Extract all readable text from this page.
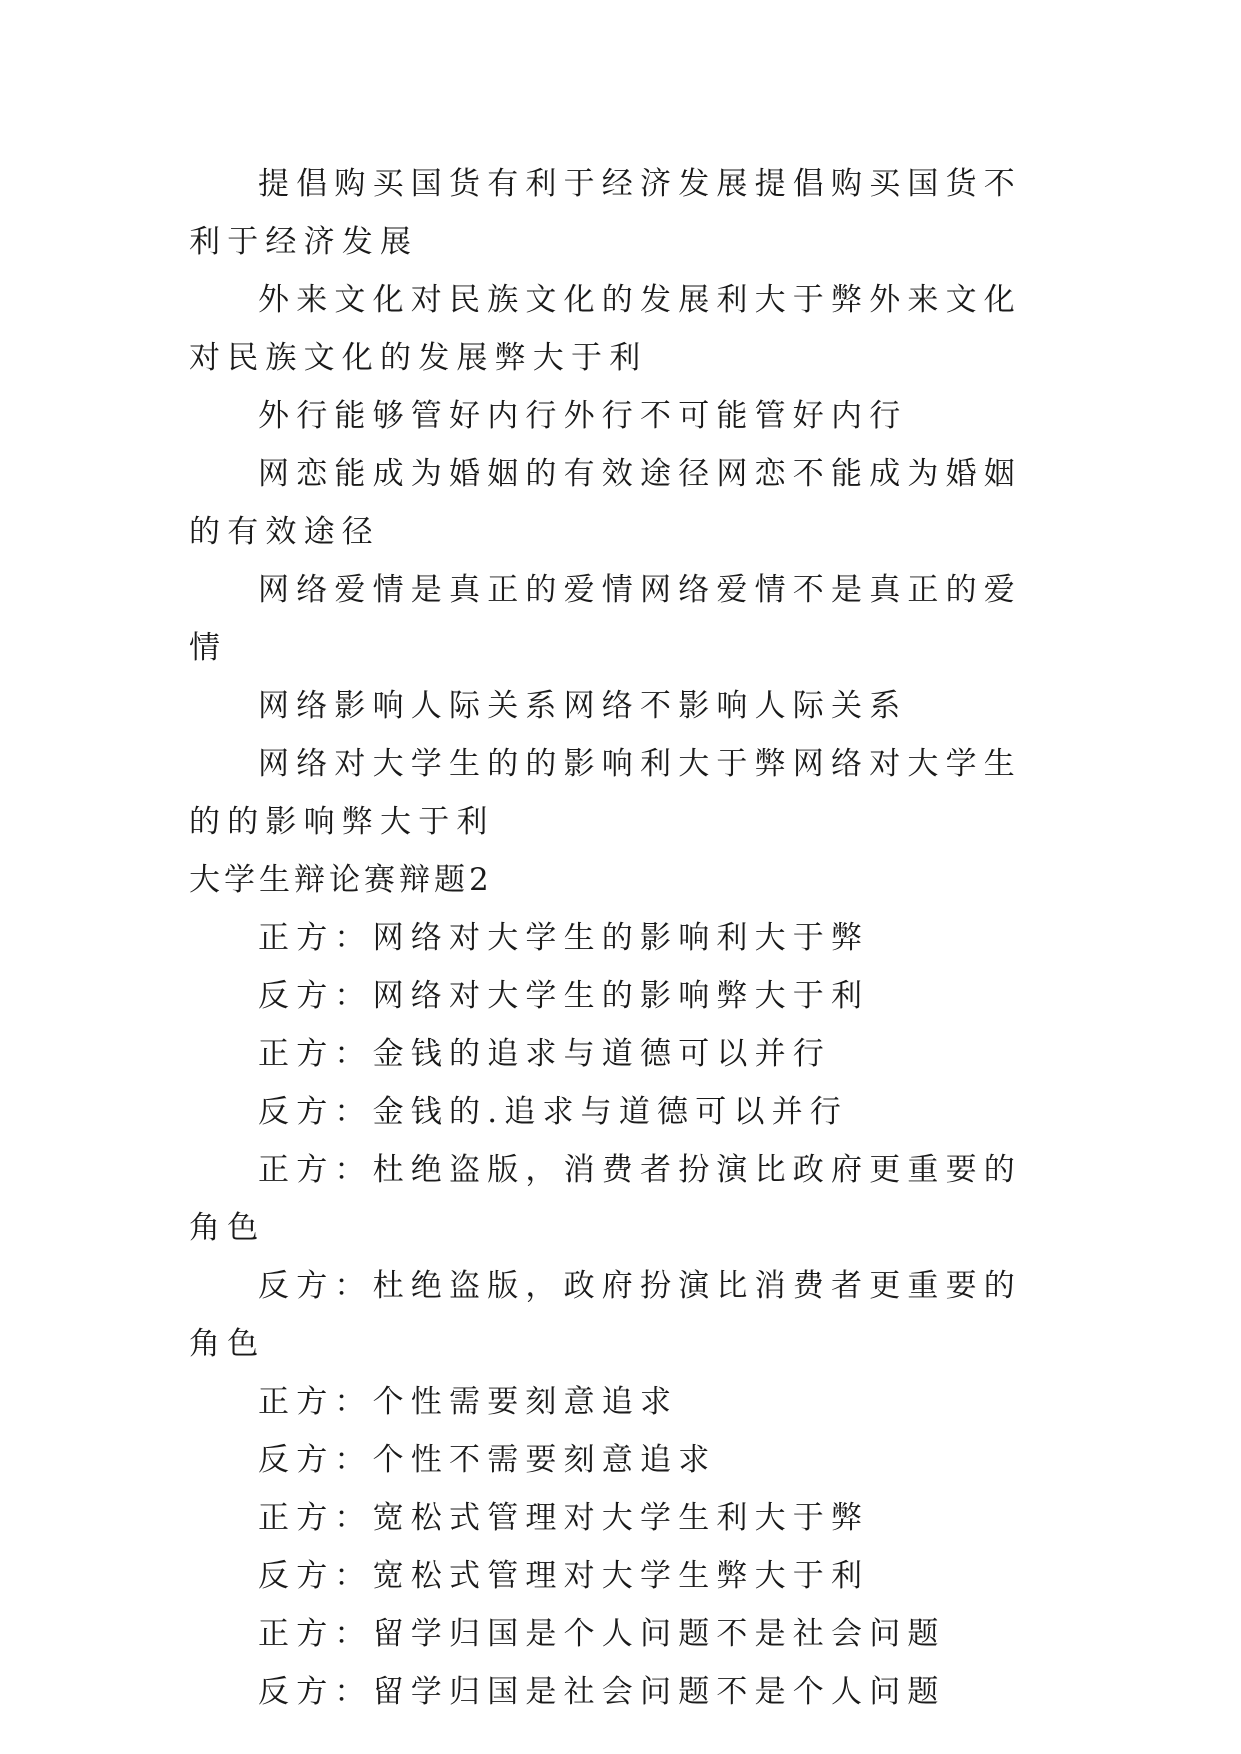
提倡购买国货有利于经济发展提倡购买国货不利于经济发展

外来文化对民族文化的发展利大于弊外来文化对民族文化的发展弊大于利

外行能够管好内行外行不可能管好内行

网恋能成为婚姻的有效途径网恋不能成为婚姻的有效途径

网络爱情是真正的爱情网络爱情不是真正的爱情

网络影响人际关系网络不影响人际关系

网络对大学生的的影响利大于弊网络对大学生的的影响弊大于利

大学生辩论赛辩题2

正方：网络对大学生的影响利大于弊

反方：网络对大学生的影响弊大于利

正方：金钱的追求与道德可以并行

反方：金钱的.追求与道德可以并行

正方：杜绝盗版，消费者扮演比政府更重要的角色

反方：杜绝盗版，政府扮演比消费者更重要的角色

正方：个性需要刻意追求

反方：个性不需要刻意追求

正方：宽松式管理对大学生利大于弊

反方：宽松式管理对大学生弊大于利

正方：留学归国是个人问题不是社会问题

反方：留学归国是社会问题不是个人问题
